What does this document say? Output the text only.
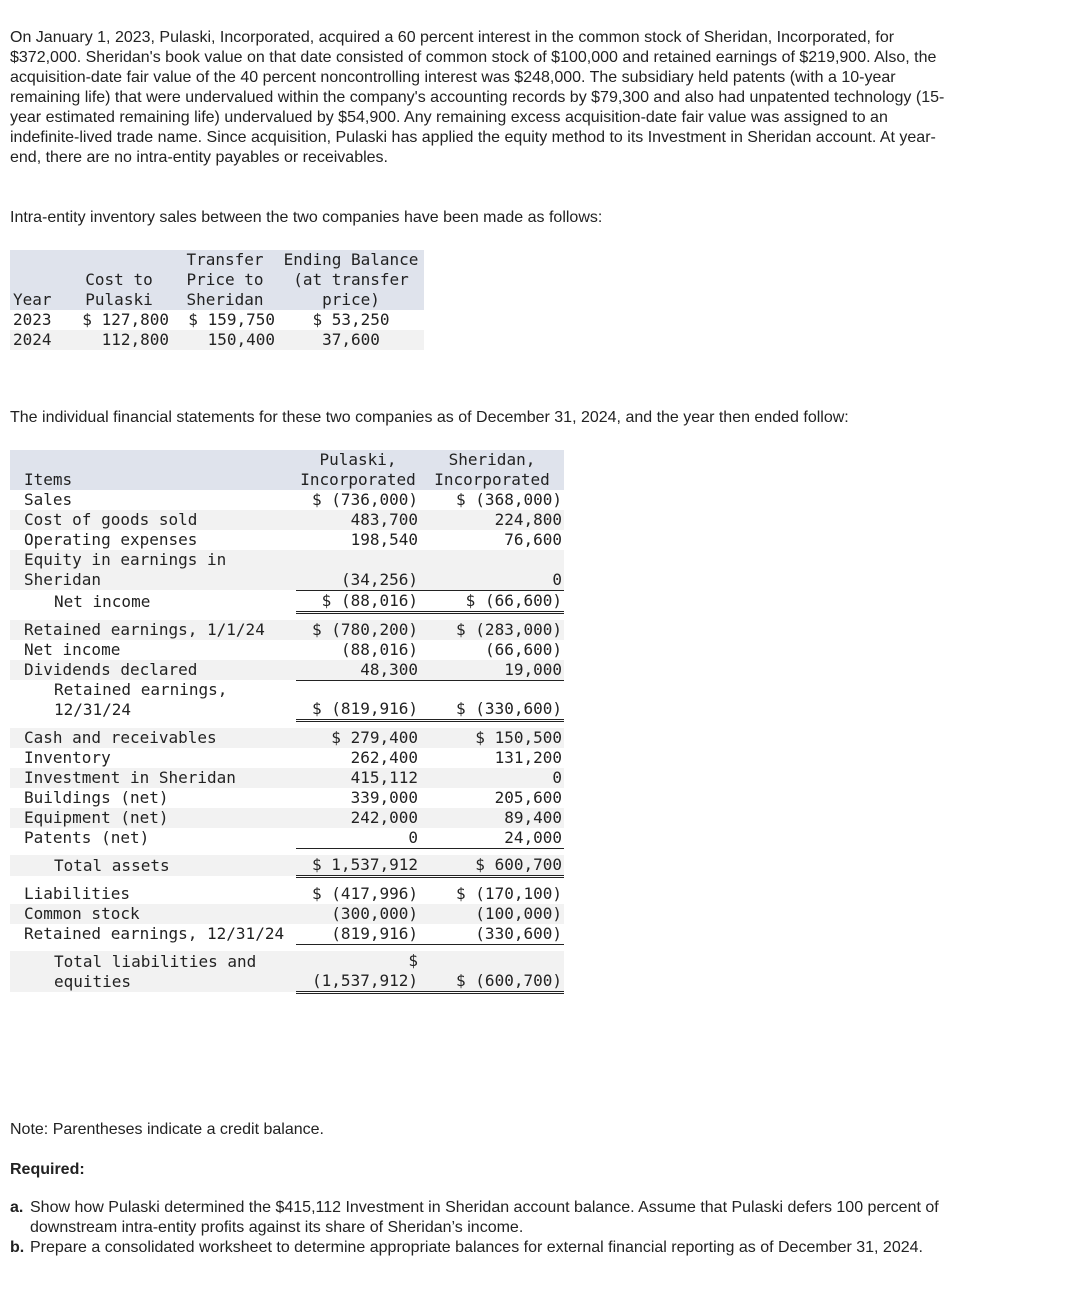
On January 1, 2023, Pulaski, Incorporated, acquired a 60 percent interest in the common stock of Sheridan, Incorporated, for $372,000. Sheridan's book value on that date consisted of common stock of $100,000 and retained earnings of $219,900. Also, the acquisition-date fair value of the 40 percent noncontrolling interest was $248,000. The subsidiary held patents (with a 10-year remaining life) that were undervalued within the company's accounting records by $79,300 and also had unpatented technology (15-year estimated remaining life) undervalued by $54,900. Any remaining excess acquisition-date fair value was assigned to an indefinite-lived trade name. Since acquisition, Pulaski has applied the equity method to its Investment in Sheridan account. At year-end, there are no intra-entity payables or receivables.

Intra-entity inventory sales between the two companies have been made as follows:

Year	Cost to Pulaski	Transfer Price to Sheridan	Ending Balance (at transfer price)
2023	$ 127,800	$ 159,750	$ 53,250
2024	112,800	150,400	37,600

The individual financial statements for these two companies as of December 31, 2024, and the year then ended follow:

Items	Pulaski, Incorporated	Sheridan, Incorporated
Sales	$ (736,000)	$ (368,000)
Cost of goods sold	483,700	224,800
Operating expenses	198,540	76,600
Equity in earnings in Sheridan	(34,256)	0
Net income	$ (88,016)	$ (66,600)

Retained earnings, 1/1/24	$ (780,200)	$ (283,000)
Net income	(88,016)	(66,600)
Dividends declared	48,300	19,000
Retained earnings, 12/31/24	$ (819,916)	$ (330,600)

Cash and receivables	$ 279,400	$ 150,500
Inventory	262,400	131,200
Investment in Sheridan	415,112	0
Buildings (net)	339,000	205,600
Equipment (net)	242,000	89,400
Patents (net)	0	24,000

Total assets	$ 1,537,912	$ 600,700

Liabilities	$ (417,996)	$ (170,100)
Common stock	(300,000)	(100,000)
Retained earnings, 12/31/24	(819,916)	(330,600)

Total liabilities and equities	$ (1,537,912)	$ (600,700)

Note: Parentheses indicate a credit balance.

Required:

a. Show how Pulaski determined the $415,112 Investment in Sheridan account balance. Assume that Pulaski defers 100 percent of downstream intra-entity profits against its share of Sheridan’s income.
b. Prepare a consolidated worksheet to determine appropriate balances for external financial reporting as of December 31, 2024.
